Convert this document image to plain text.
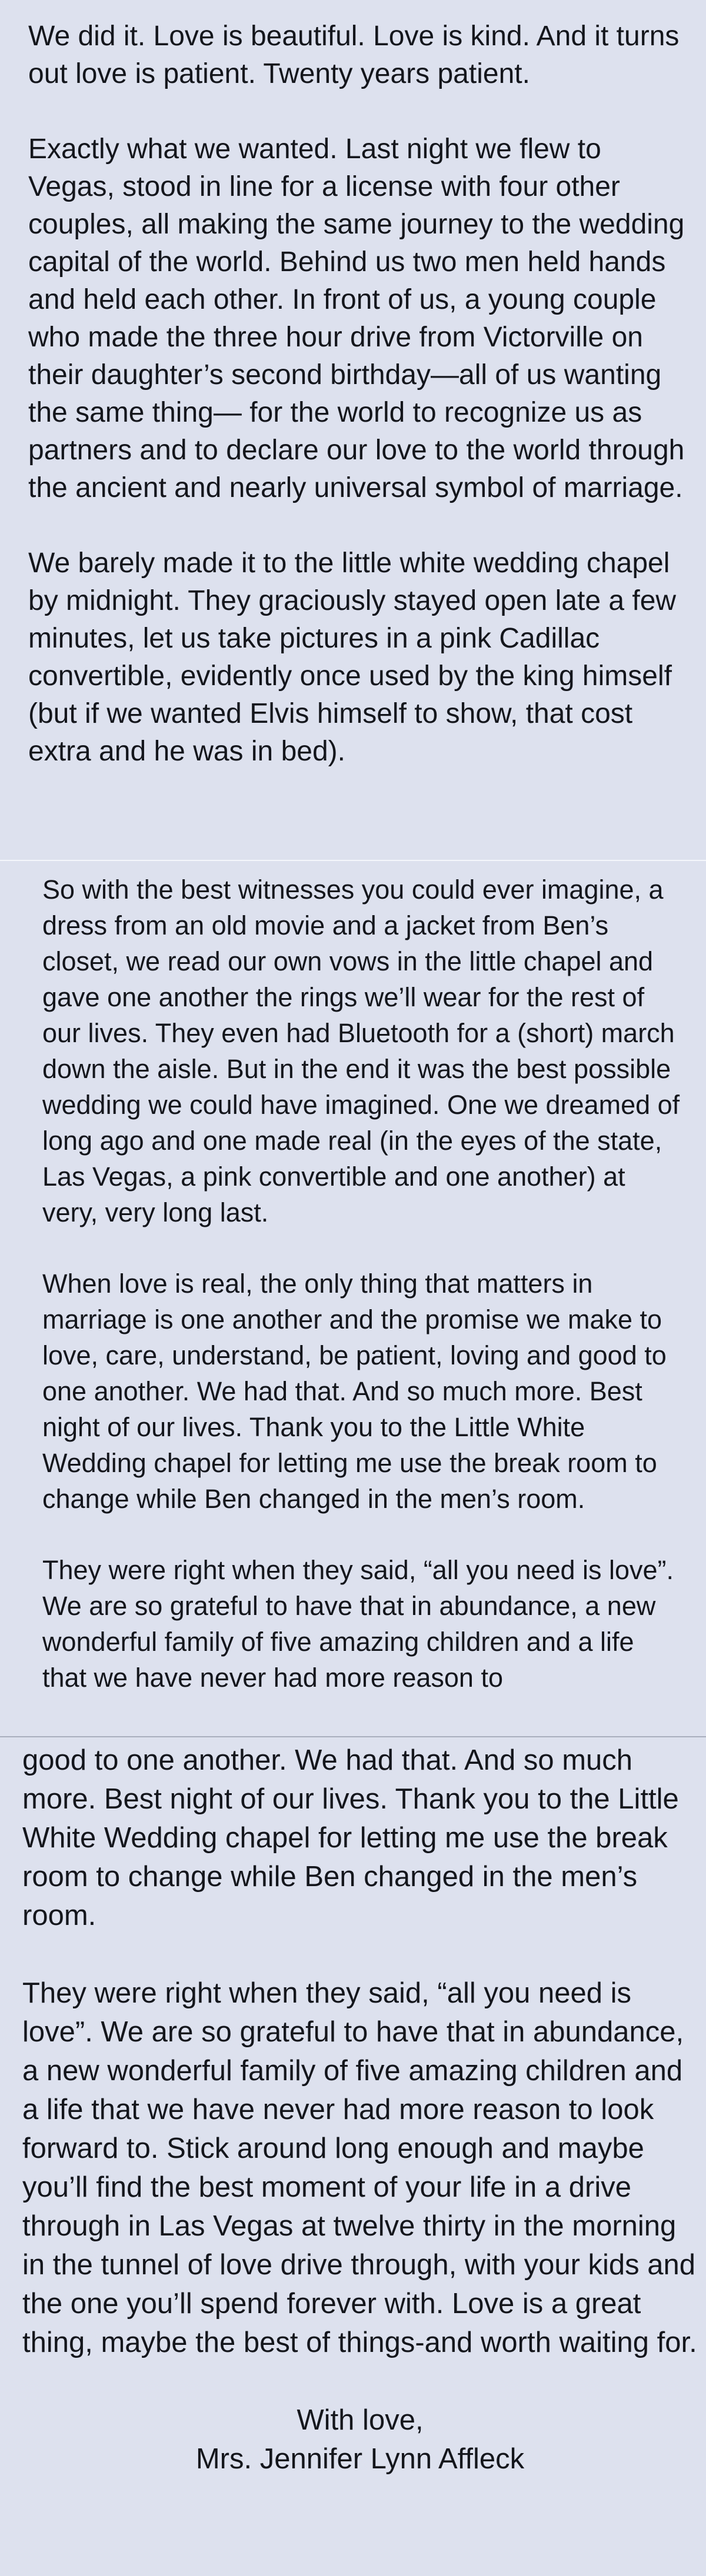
We did it. Love is beautiful. Love is kind. And it turns out love is patient. Twenty years patient.

Exactly what we wanted. Last night we flew to Vegas, stood in line for a license with four other couples, all making the same journey to the wedding capital of the world. Behind us two men held hands and held each other. In front of us, a young couple who made the three hour drive from Victorville on their daughter’s second birthday—all of us wanting the same thing— for the world to recognize us as partners and to declare our love to the world through the ancient and nearly universal symbol of marriage.

We barely made it to the little white wedding chapel by midnight. They graciously stayed open late a few minutes, let us take pictures in a pink Cadillac convertible, evidently once used by the king himself (but if we wanted Elvis himself to show, that cost extra and he was in bed).

So with the best witnesses you could ever imagine, a dress from an old movie and a jacket from Ben’s closet, we read our own vows in the little chapel and gave one another the rings we’ll wear for the rest of our lives. They even had Bluetooth for a (short) march down the aisle. But in the end it was the best possible wedding we could have imagined. One we dreamed of long ago and one made real (in the eyes of the state, Las Vegas, a pink convertible and one another) at very, very long last.

When love is real, the only thing that matters in marriage is one another and the promise we make to love, care, understand, be patient, loving and good to one another. We had that. And so much more. Best night of our lives. Thank you to the Little White Wedding chapel for letting me use the break room to change while Ben changed in the men’s room.

They were right when they said, “all you need is love”. We are so grateful to have that in abundance, a new wonderful family of five amazing children and a life that we have never had more reason to

good to one another. We had that. And so much more. Best night of our lives. Thank you to the Little White Wedding chapel for letting me use the break room to change while Ben changed in the men’s room.

They were right when they said, “all you need is love”. We are so grateful to have that in abundance, a new wonderful family of five amazing children and a life that we have never had more reason to look forward to. Stick around long enough and maybe you’ll find the best moment of your life in a drive through in Las Vegas at twelve thirty in the morning in the tunnel of love drive through, with your kids and the one you’ll spend forever with. Love is a great thing, maybe the best of things-and worth waiting for.

With love,
Mrs. Jennifer Lynn Affleck
